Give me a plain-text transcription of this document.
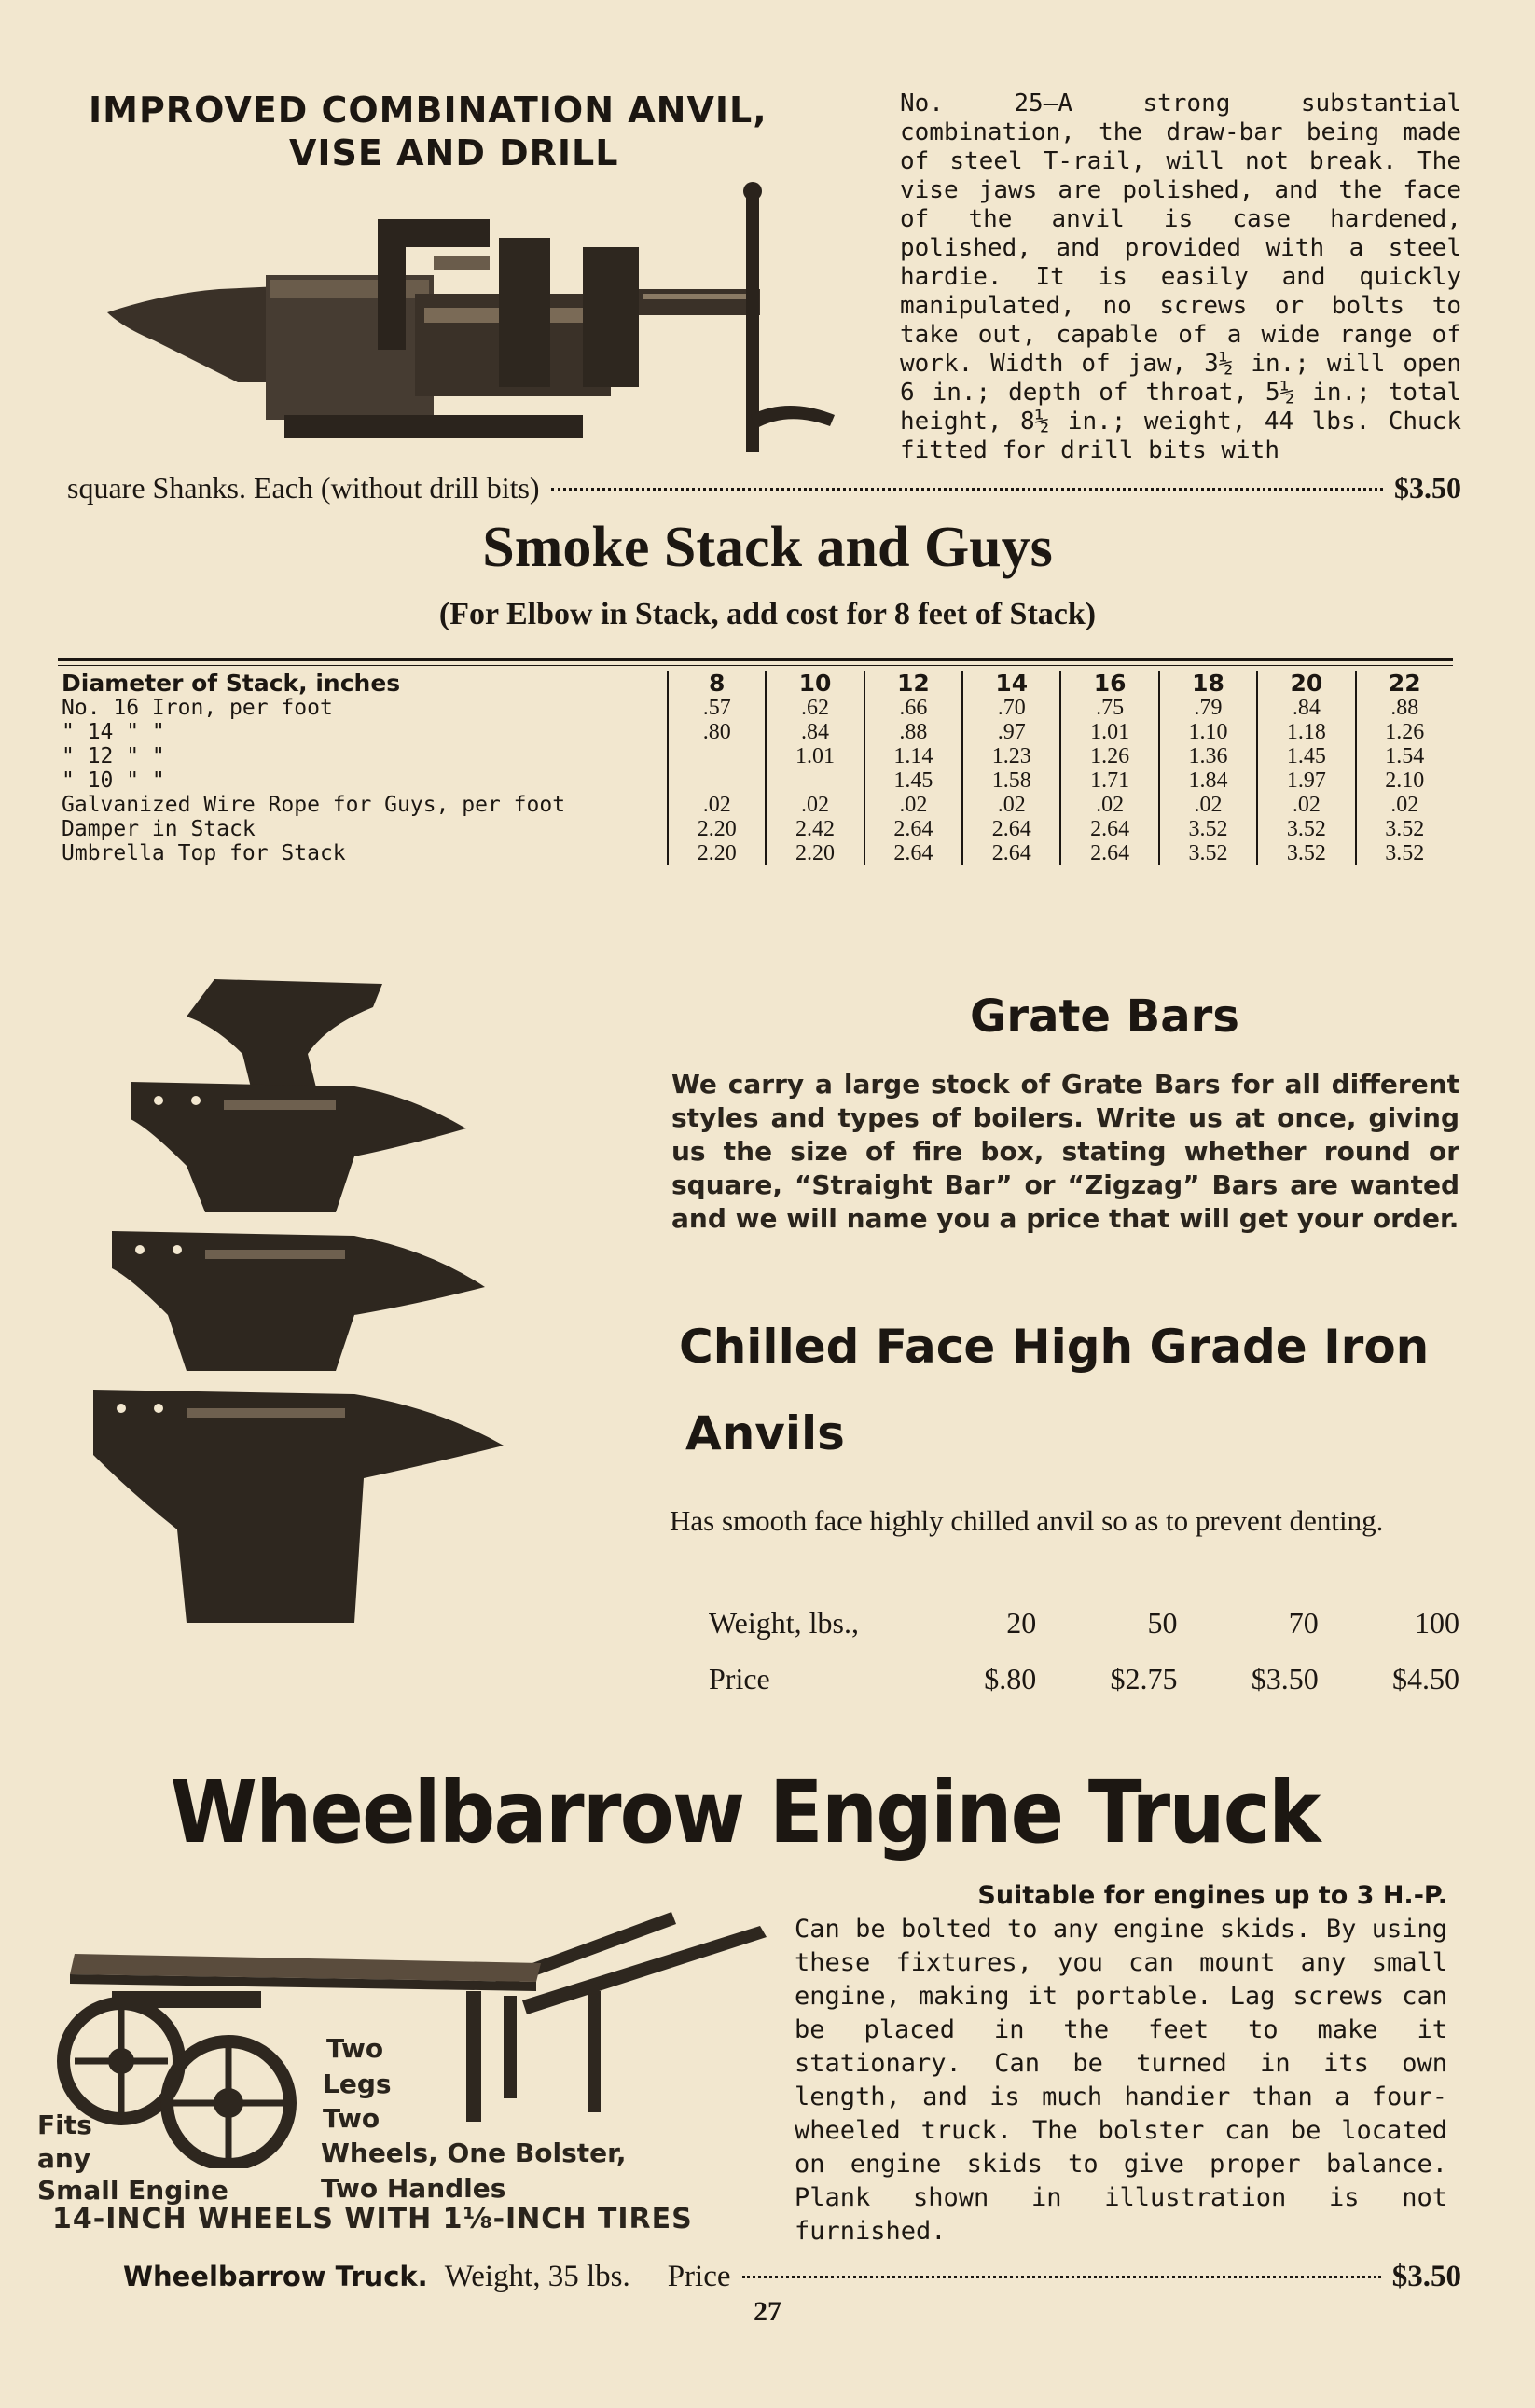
IMPROVED COMBINATION ANVIL,
VISE AND DRILL

No. 25—A strong substantial combination, the draw-bar being made of steel T-rail, will not break. The vise jaws are polished, and the face of the anvil is case hardened, polished, and provided with a steel hardie. It is easily and quickly manipulated, no screws or bolts to take out, capable of a wide range of work. Width of jaw, 3½ in.; will open 6 in.; depth of throat, 5½ in.; total height, 8½ in.; weight, 44 lbs. Chuck fitted for drill bits with

square Shanks. Each (without drill bits)	$3.50
Smoke Stack and Guys
(For Elbow in Stack, add cost for 8 feet of Stack)
Diameter of Stack, inches	8	10	12	14	16	18	20	22
No. 16 Iron, per foot	.57	.62	.66	.70	.75	.79	.84	.88
" 14 " "	.80	.84	.88	.97	1.01	1.10	1.18	1.26
" 12 " "		1.01	1.14	1.23	1.26	1.36	1.45	1.54
" 10 " "			1.45	1.58	1.71	1.84	1.97	2.10
Galvanized Wire Rope for Guys, per foot	.02	.02	.02	.02	.02	.02	.02	.02
Damper in Stack	2.20	2.42	2.64	2.64	2.64	3.52	3.52	3.52
Umbrella Top for Stack	2.20	2.20	2.64	2.64	2.64	3.52	3.52	3.52
Grate Bars

We carry a large stock of Grate Bars for all different styles and types of boilers. Write us at once, giving us the size of fire box, stating whether round or square, “Straight Bar” or “Zigzag” Bars are wanted and we will name you a price that will get your order.

Chilled Face High Grade Iron
Anvils

Has smooth face highly chilled anvil so as to prevent denting.

Weight, lbs.,	20	50	70	100
Price	$.80	$2.75	$3.50	$4.50
Wheelbarrow Engine Truck
Two
Legs
Two
Wheels, One Bolster,
Two Handles
Fits
any
Small Engine
14-INCH WHEELS WITH 1⅛-INCH TIRES

Suitable for engines up to 3 H.-P.

Can be bolted to any engine skids. By using these fixtures, you can mount any small engine, making it portable. Lag screws can be placed in the feet to make it stationary. Can be turned in its own length, and is much handier than a four-wheeled truck. The bolster can be located on engine skids to give proper balance. Plank shown in illustration is not furnished.

Wheelbarrow Truck. Weight, 35 lbs. Price	$3.50
27
